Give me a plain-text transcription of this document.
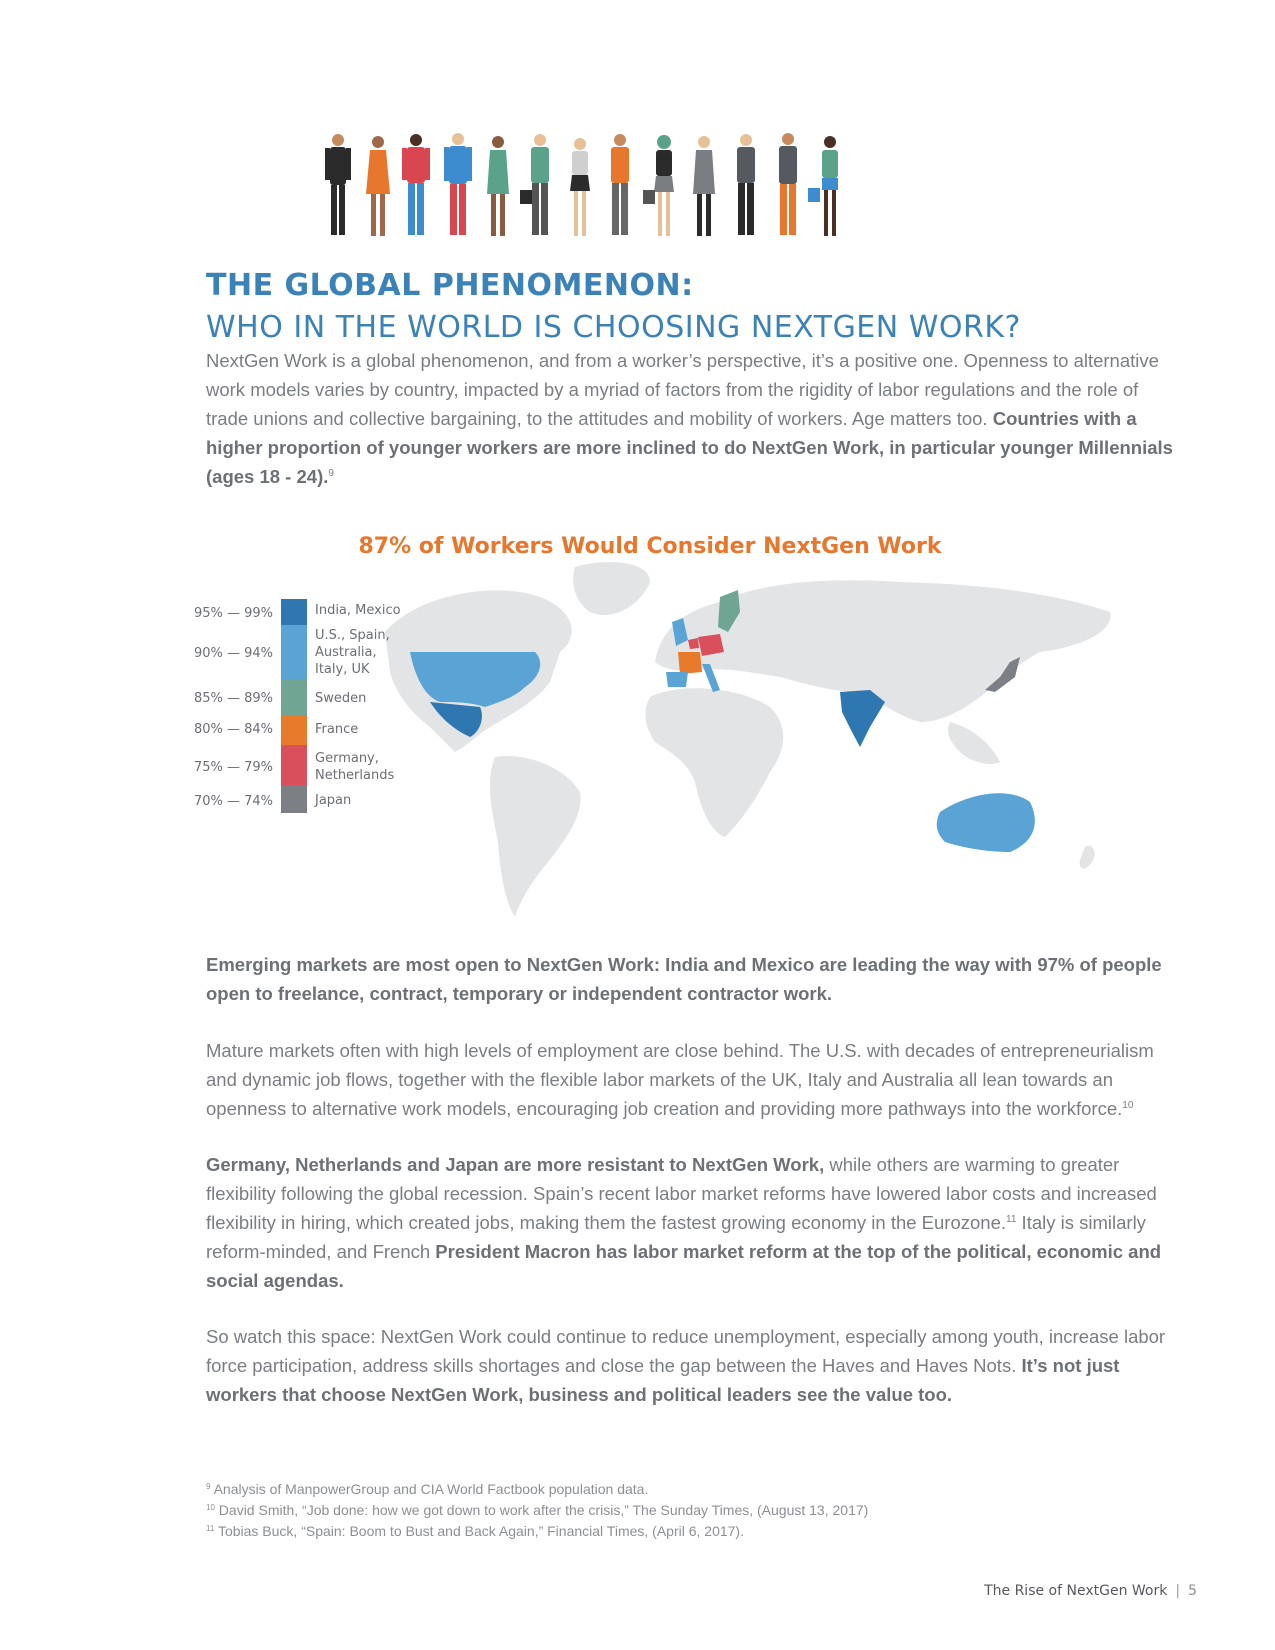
THE GLOBAL PHENOMENON:
WHO IN THE WORLD IS CHOOSING NEXTGEN WORK?

NextGen Work is a global phenomenon, and from a worker’s perspective, it’s a positive one. Openness to alternative work models varies by country, impacted by a myriad of factors from the rigidity of labor regulations and the role of trade unions and collective bargaining, to the attitudes and mobility of workers. Age matters too. Countries with a higher proportion of younger workers are more inclined to do NextGen Work, in particular younger Millennials (ages 18 - 24).$^9$

87% of Workers Would Consider NextGen Work
95% — 99%	India, Mexico
90% — 94%
U.S., Spain,
Australia,
Italy, UK
85% — 89%	Sweden
80% — 84%	France
75% — 79%
Germany,
Netherlands
70% — 74%	Japan

Emerging markets are most open to NextGen Work: India and Mexico are leading the way with 97% of people open to freelance, contract, temporary or independent contractor work.

Mature markets often with high levels of employment are close behind. The U.S. with decades of entrepreneurialism and dynamic job flows, together with the flexible labor markets of the UK, Italy and Australia all lean towards an openness to alternative work models, encouraging job creation and providing more pathways into the workforce.$^{10}$

Germany, Netherlands and Japan are more resistant to NextGen Work, while others are warming to greater flexibility following the global recession. Spain’s recent labor market reforms have lowered labor costs and increased flexibility in hiring, which created jobs, making them the fastest growing economy in the Eurozone.$^{11}$ Italy is similarly reform-minded, and French President Macron has labor market reform at the top of the political, economic and social agendas.

So watch this space: NextGen Work could continue to reduce unemployment, especially among youth, increase labor force participation, address skills shortages and close the gap between the Haves and Haves Nots. It’s not just workers that choose NextGen Work, business and political leaders see the value too.

$^9$ Analysis of ManpowerGroup and CIA World Factbook population data.

$^{10}$ David Smith, “Job done: how we got down to work after the crisis,” The Sunday Times, (August 13, 2017)

$^{11}$ Tobias Buck, “Spain: Boom to Bust and Back Again,” Financial Times, (April 6, 2017).

The Rise of NextGen Work | 5
